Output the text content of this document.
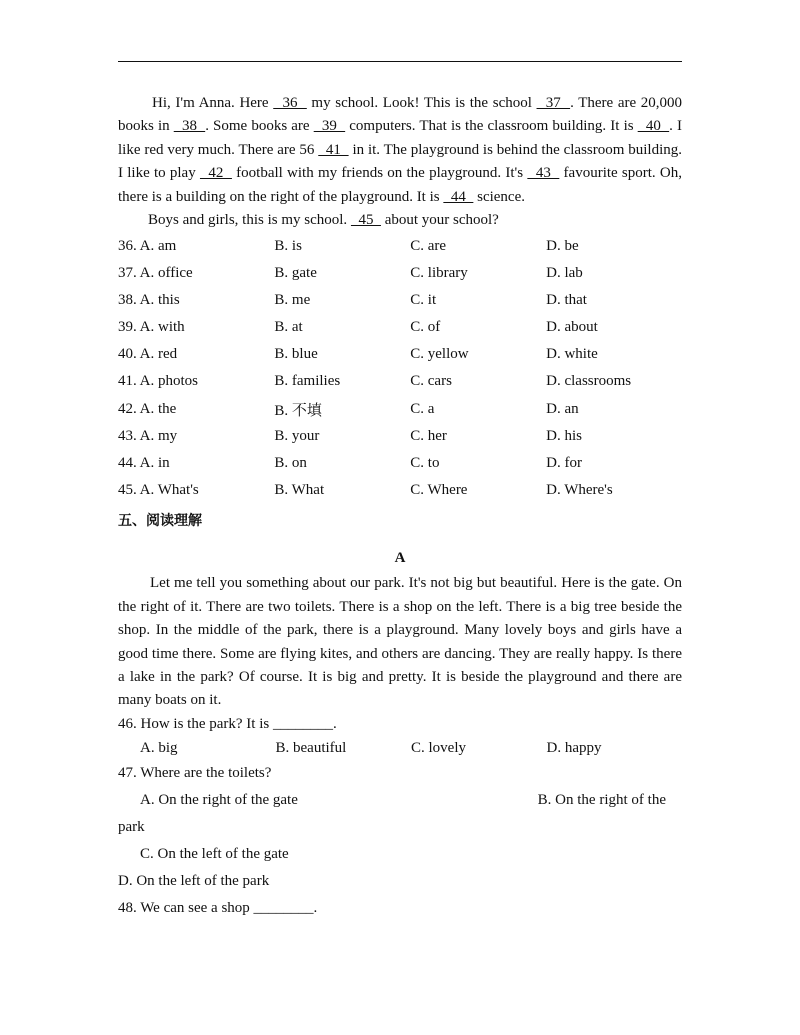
Hi, I'm Anna. Here   36   my school. Look! This is the school   37  . There are 20,000 books in   38  . Some books are   39   computers. That is the classroom building. It is   40  . I like red very much. There are 56   41   in it. The playground is behind the classroom building. I like to play   42   football with my friends on the playground. It's   43   favourite sport. Oh, there is a building on the right of the playground. It is   44   science.

Boys and girls, this is my school.   45   about your school?

36. A. am	B. is	C. are	D. be
37. A. office	B. gate	C. library	D. lab
38. A. this	B. me	C. it	D. that
39. A. with	B. at	C. of	D. about
40. A. red	B. blue	C. yellow	D. white
41. A. photos	B. families	C. cars	D. classrooms
42. A. the	B. 不填	C. a	D. an
43. A. my	B. your	C. her	D. his
44. A. in	B. on	C. to	D. for
45. A. What's	B. What	C. Where	D. Where's
五、阅读理解
A

Let me tell you something about our park. It's not big but beautiful. Here is the gate. On the right of it. There are two toilets. There is a shop on the left. There is a big tree beside the shop. In the middle of the park, there is a playground. Many lovely boys and girls have a good time there. Some are flying kites, and others are dancing. They are really happy. Is there a lake in the park? Of course. It is big and pretty. It is beside the playground and there are many boats on it.

46. How is the park? It is ________.
A. big	B. beautiful	C. lovely	D. happy
47. Where are the toilets?
A. On the right of the gate	B. On the right of the
park
C. On the left of the gate
D. On the left of the park
48. We can see a shop ________.
